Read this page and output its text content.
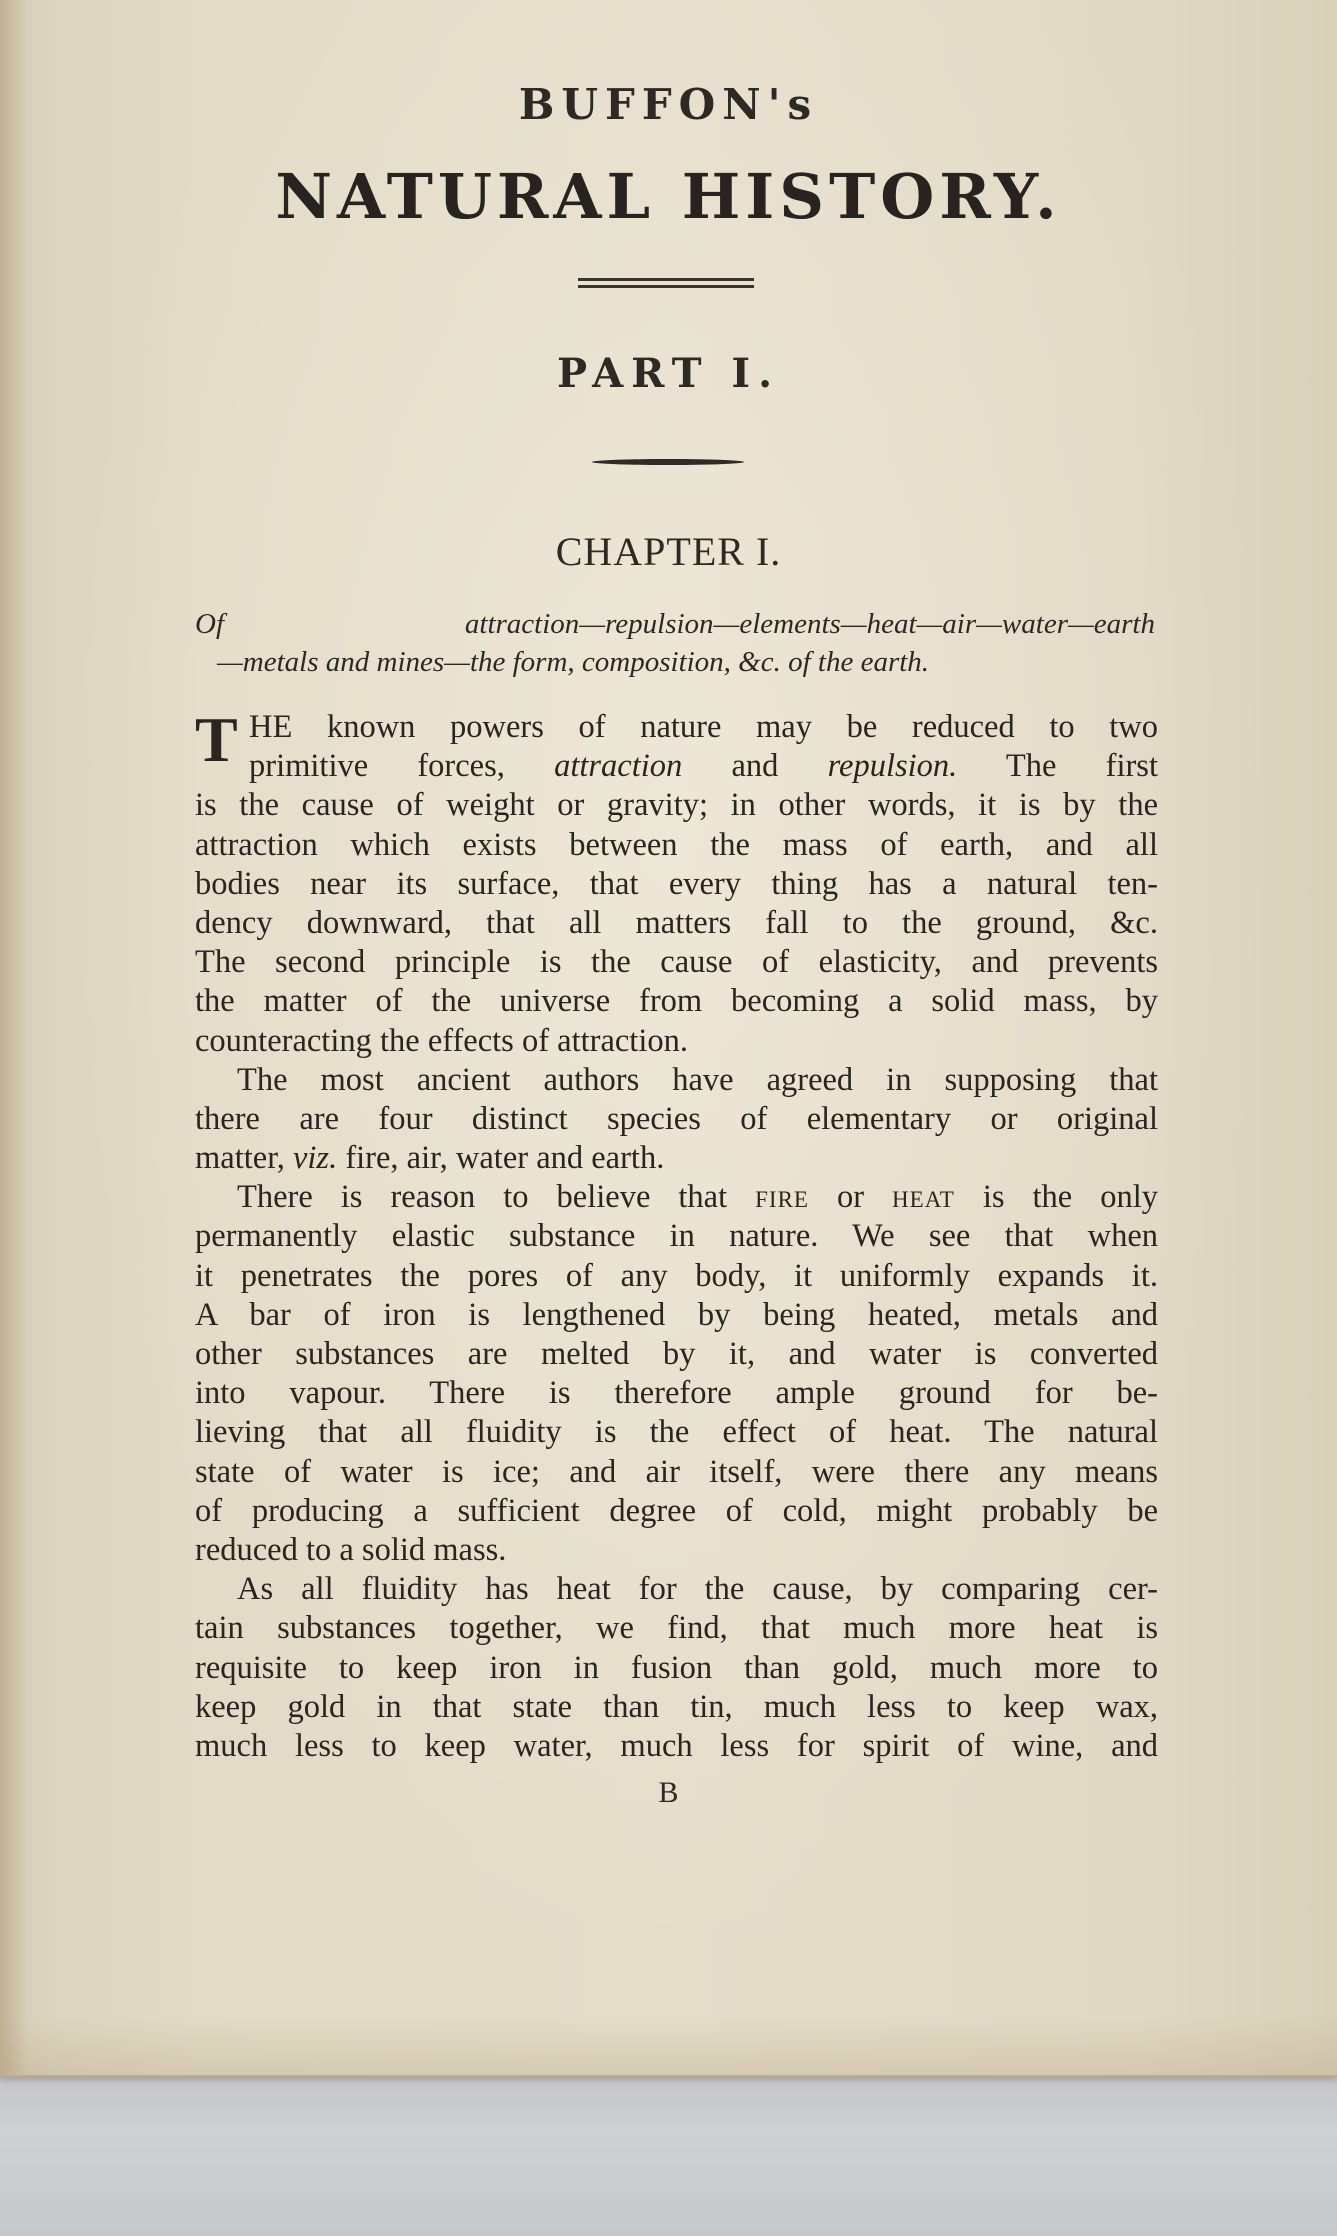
BUFFON's
NATURAL HISTORY.
PART I.
CHAPTER I.
Of attraction—repulsion—elements—heat—air—water—earth
—metals and mines—the form, composition, &c. of the earth.
T HE known powers of nature may be reduced to two
primitive forces, attraction and repulsion. The first
is the cause of weight or gravity; in other words, it is by the
attraction which exists between the mass of earth, and all
bodies near its surface, that every thing has a natural ten-
dency downward, that all matters fall to the ground, &c.
The second principle is the cause of elasticity, and prevents
the matter of the universe from becoming a solid mass, by
counteracting the effects of attraction.
The most ancient authors have agreed in supposing that
there are four distinct species of elementary or original
matter, viz. fire, air, water and earth.
There is reason to believe that fire or heat is the only
permanently elastic substance in nature. We see that when
it penetrates the pores of any body, it uniformly expands it.
A bar of iron is lengthened by being heated, metals and
other substances are melted by it, and water is converted
into vapour. There is therefore ample ground for be-
lieving that all fluidity is the effect of heat. The natural
state of water is ice; and air itself, were there any means
of producing a sufficient degree of cold, might probably be
reduced to a solid mass.
As all fluidity has heat for the cause, by comparing cer-
tain substances together, we find, that much more heat is
requisite to keep iron in fusion than gold, much more to
keep gold in that state than tin, much less to keep wax,
much less to keep water, much less for spirit of wine, and
B
